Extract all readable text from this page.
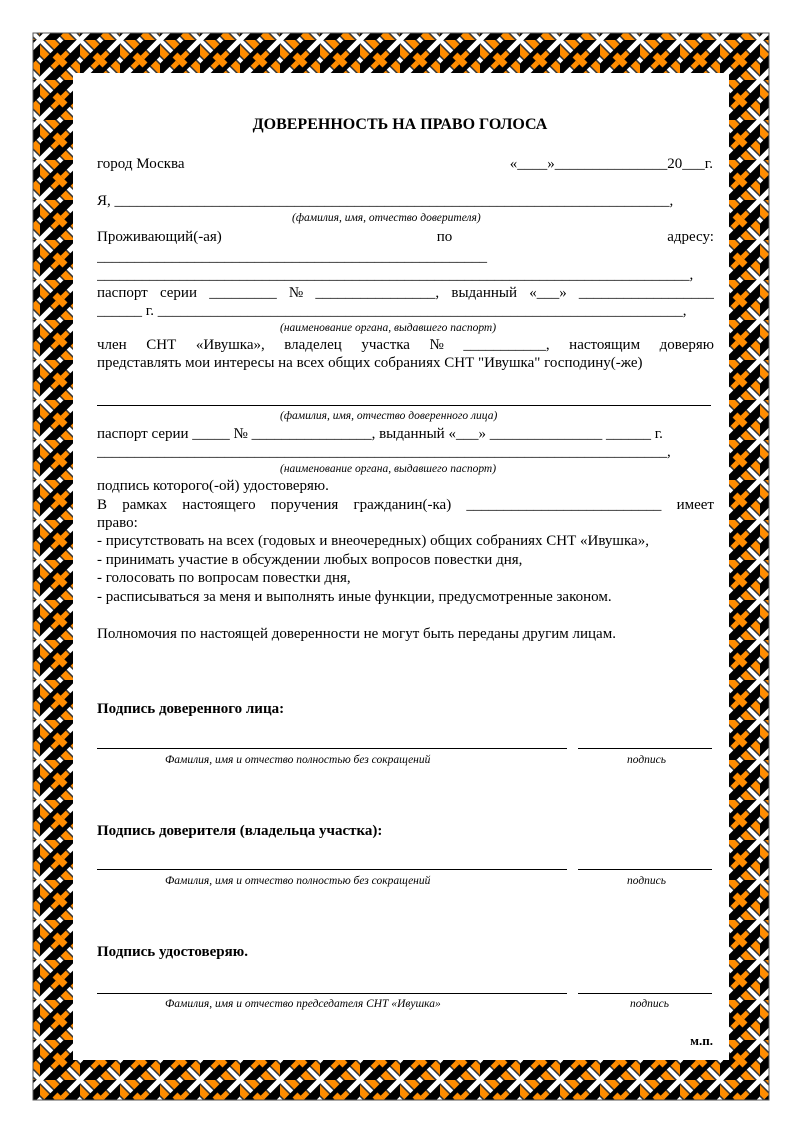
ДОВЕРЕННОСТЬ НА ПРАВО ГОЛОСА
город Москва	«____»_______________20___г.
Я, __________________________________________________________________________,
(фамилия, имя, отчество доверителя)
Проживающий(-ая)	по	адресу:
____________________________________________________
_______________________________________________________________________________,
паспорт серии _________ № ________________, выданный «___» __________________
______ г. ______________________________________________________________________,
(наименование органа, выдавшего паспорт)
член СНТ «Ивушка», владелец участка № ___________, настоящим доверяю
представлять мои интересы на всех общих собраниях СНТ "Ивушка" господину(-же)
(фамилия, имя, отчество доверенного лица)
паспорт серии _____ № ________________, выданный «___» _______________ ______ г.
____________________________________________________________________________,
(наименование органа, выдавшего паспорт)
подпись которого(-ой) удостоверяю.
В рамках настоящего поручения гражданин(-ка) __________________________ имеет
право:
- присутствовать на всех (годовых и внеочередных) общих собраниях СНТ «Ивушка»,
- принимать участие в обсуждении любых вопросов повестки дня,
- голосовать по вопросам повестки дня,
- расписываться за меня и выполнять иные функции, предусмотренные законом.
Полномочия по настоящей доверенности не могут быть переданы другим лицам.
Подпись доверенного лица:
Фамилия, имя и отчество полностью без сокращений	подпись
Подпись доверителя (владельца участка):
Фамилия, имя и отчество полностью без сокращений	подпись
Подпись удостоверяю.
Фамилия, имя и отчество председателя СНТ «Ивушка»	подпись
м.п.
